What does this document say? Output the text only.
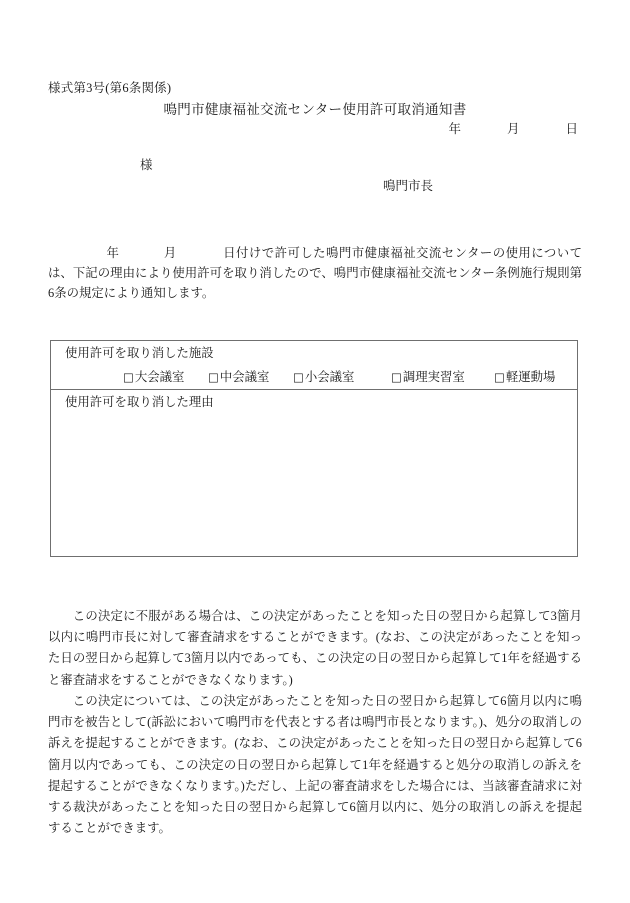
様式第3号(第6条関係)
鳴門市健康福祉交流センター使用許可取消通知書
年	月	日
様
鳴門市長
年	月	日付けで許可した鳴門市健康福祉交流センターの使用については、下記の理由により使用許可を取り消したので、鳴門市健康福祉交流センター条例施行規則第6条の規定により通知します。
使用許可を取り消した施設
□大会議室 □中会議室 □小会議室	□調理実習室	□軽運動場
使用許可を取り消した理由

この決定に不服がある場合は、この決定があったことを知った日の翌日から起算して3箇月以内に鳴門市長に対して審査請求をすることができます。(なお、この決定があったことを知った日の翌日から起算して3箇月以内であっても、この決定の日の翌日から起算して1年を経過すると審査請求をすることができなくなります。)

この決定については、この決定があったことを知った日の翌日から起算して6箇月以内に鳴門市を被告として(訴訟において鳴門市を代表とする者は鳴門市長となります。)、処分の取消しの訴えを提起することができます。(なお、この決定があったことを知った日の翌日から起算して6箇月以内であっても、この決定の日の翌日から起算して1年を経過すると処分の取消しの訴えを提起することができなくなります。)ただし、上記の審査請求をした場合には、当該審査請求に対する裁決があったことを知った日の翌日から起算して6箇月以内に、処分の取消しの訴えを提起することができます。
